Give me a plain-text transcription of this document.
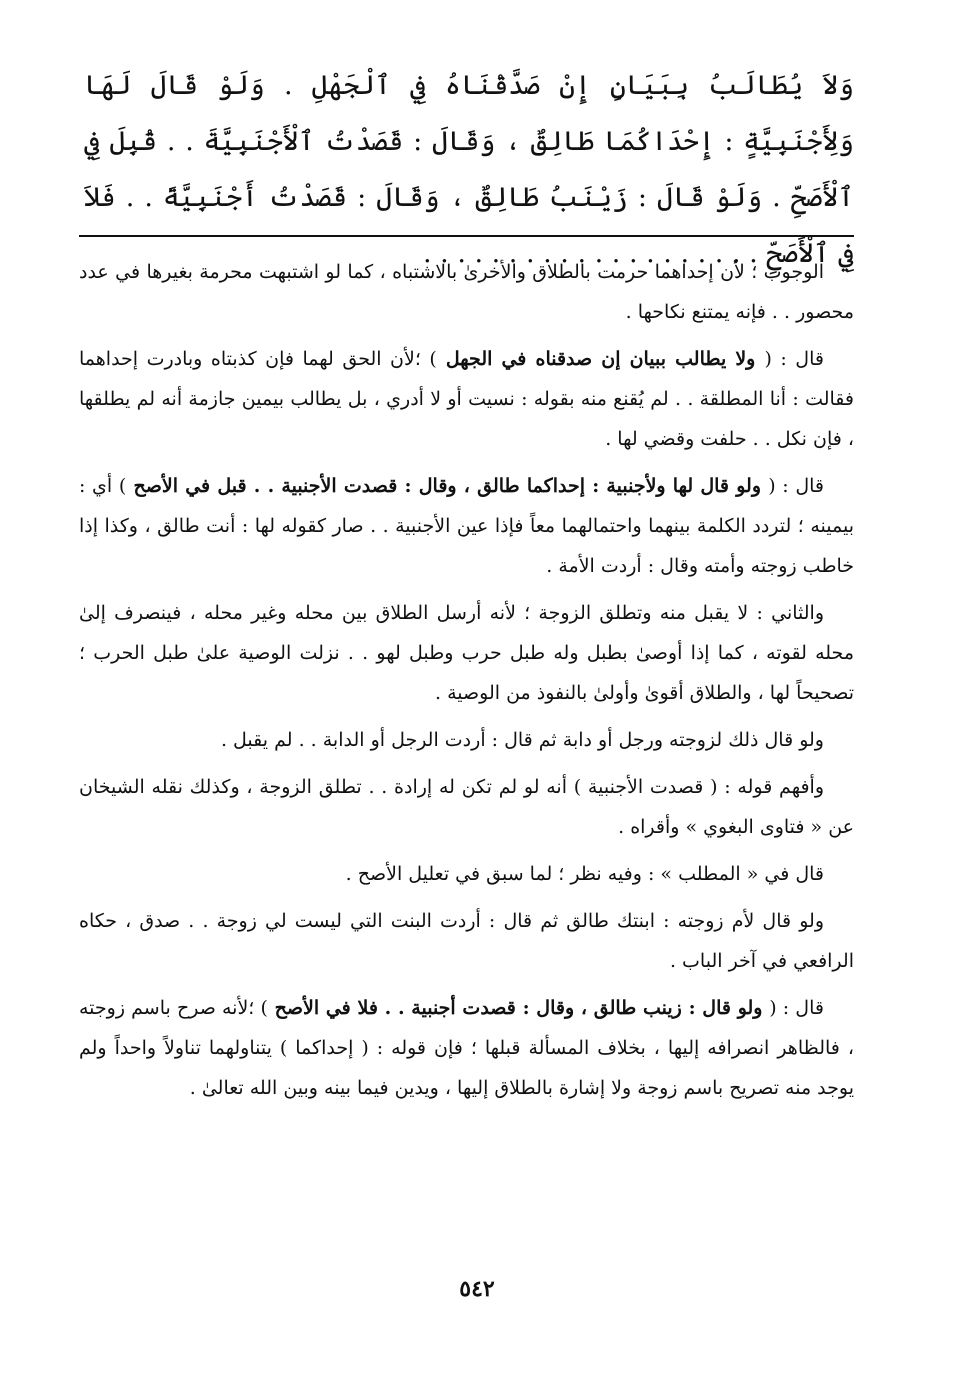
وَلاَ يُطَالَبُ بِبَيَانٍ إِنْ صَدَّقْنَاهُ فِي ٱلْجَهْلِ . وَلَوْ قَالَ لَهَا وَلِأَجْنَبِيَّةٍ : إِحْدَاكُمَا طَالِقٌ ، وَقَالَ : قَصَدْتُ ٱلْأَجْنَبِيَّةَ . . قُبِلَ فِي ٱلْأَصَحِّ . وَلَوْ قَالَ : زَيْنَبُ طَالِقٌ ، وَقَالَ : قَصَدْتُ أَجْنَبِيَّةً . . فَلاَ فِي ٱلْأَصَحِّ . . . . . . . . . . . . . . . . . . . .

الوجوب ؛ لأن إحداهما حرمت بالطلاق والأخرىٰ بالاشتباه ، كما لو اشتبهت محرمة بغيرها في عدد محصور . . فإنه يمتنع نكاحها .

قال : ( ولا يطالب ببيان إن صدقناه في الجهل ) ؛لأن الحق لهما فإن كذبتاه وبادرت إحداهما فقالت : أنا المطلقة . . لم يُقنع منه بقوله : نسيت أو لا أدري ، بل يطالب بيمين جازمة أنه لم يطلقها ، فإن نكل . . حلفت وقضي لها .

قال : ( ولو قال لها ولأجنبية : إحداكما طالق ، وقال : قصدت الأجنبية . . قبل في الأصح ) أي : بيمينه ؛ لتردد الكلمة بينهما واحتمالهما معاً فإذا عين الأجنبية . . صار كقوله لها : أنت طالق ، وكذا إذا خاطب زوجته وأمته وقال : أردت الأمة .

والثاني : لا يقبل منه وتطلق الزوجة ؛ لأنه أرسل الطلاق بين محله وغير محله ، فينصرف إلىٰ محله لقوته ، كما إذا أوصىٰ بطبل وله طبل حرب وطبل لهو . . نزلت الوصية علىٰ طبل الحرب ؛ تصحيحاً لها ، والطلاق أقوىٰ وأولىٰ بالنفوذ من الوصية .

ولو قال ذلك لزوجته ورجل أو دابة ثم قال : أردت الرجل أو الدابة . . لم يقبل .

وأفهم قوله : ( قصدت الأجنبية ) أنه لو لم تكن له إرادة . . تطلق الزوجة ، وكذلك نقله الشيخان عن « فتاوى البغوي » وأقراه .

قال في « المطلب » : وفيه نظر ؛ لما سبق في تعليل الأصح .

ولو قال لأم زوجته : ابنتك طالق ثم قال : أردت البنت التي ليست لي زوجة . . صدق ، حكاه الرافعي في آخر الباب .

قال : ( ولو قال : زينب طالق ، وقال : قصدت أجنبية . . فلا في الأصح ) ؛لأنه صرح باسم زوجته ، فالظاهر انصرافه إليها ، بخلاف المسألة قبلها ؛ فإن قوله : ( إحداكما ) يتناولهما تناولاً واحداً ولم يوجد منه تصريح باسم زوجة ولا إشارة بالطلاق إليها ، ويدين فيما بينه وبين الله تعالىٰ .

٥٤٢
